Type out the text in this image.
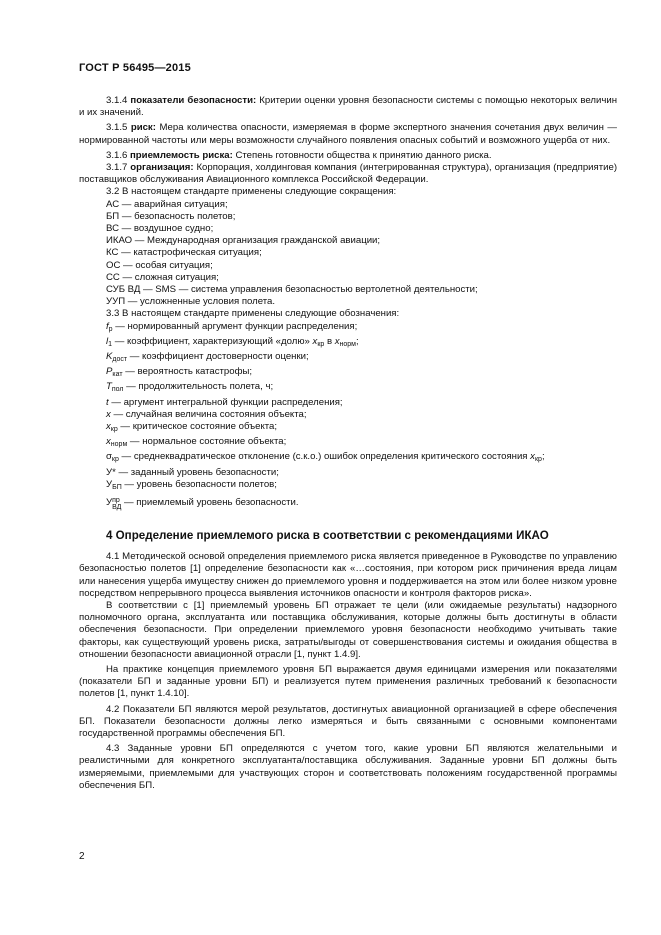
ГОСТ Р 56495—2015

3.1.4 показатели безопасности: Критерии оценки уровня безопасности системы с помощью некоторых величин и их значений.

3.1.5 риск: Мера количества опасности, измеряемая в форме экспертного значения сочетания двух величин — нормированной частоты или меры возможности случайного появления опасных событий и возможного ущерба от них.

3.1.6 приемлемость риска: Степень готовности общества к принятию данного риска.

3.1.7 организация: Корпорация, холдинговая компания (интегрированная структура), организация (предприятие) поставщиков обслуживания Авиационного комплекса Российской Федерации.

3.2 В настоящем стандарте применены следующие сокращения:

АС — аварийная ситуация;

БП — безопасность полетов;

ВС — воздушное судно;

ИКАО — Международная организация гражданской авиации;

КС — катастрофическая ситуация;

ОС — особая ситуация;

СС — сложная ситуация;

СУБ ВД — SMS — система управления безопасностью вертолетной деятельности;

УУП — усложненные условия полета.

3.3 В настоящем стандарте применены следующие обозначения:

$f_р$ — нормированный аргумент функции распределения;

$l_1$ — коэффициент, характеризующий «долю» $x_{кр}$ в $x_{норм}$;

$K_{дост}$ — коэффициент достоверности оценки;

$P_{кат}$ — вероятность катастрофы;

$T_{пол}$ — продолжительность полета, ч;

t — аргумент интегральной функции распределения;

x — случайная величина состояния объекта;

$x_{кр}$ — критическое состояние объекта;

$x_{норм}$ — нормальное состояние объекта;

$\sigma_{кр}$ — среднеквадратическое отклонение (с.к.о.) ошибок определения критического состояния $x_{кр}$;

У* — заданный уровень безопасности;

$У_{БП}$ — уровень безопасности полетов;

Упр
ВД — приемлемый уровень безопасности.

4 Определение приемлемого риска в соответствии с рекомендациями ИКАО

4.1 Методической основой определения приемлемого риска является приведенное в Руководстве по управлению безопасностью полетов [1] определение безопасности как «…состояния, при котором риск причинения вреда лицам или нанесения ущерба имуществу снижен до приемлемого уровня и поддерживается на этом или более низком уровне посредством непрерывного процесса выявления источников опасности и контроля факторов риска».

В соответствии с [1] приемлемый уровень БП отражает те цели (или ожидаемые результаты) надзорного полномочного органа, эксплуатанта или поставщика обслуживания, которые должны быть достигнуты в области обеспечения безопасности. При определении приемлемого уровня безопасности необходимо учитывать такие факторы, как существующий уровень риска, затраты/выгоды от совершенствования системы и ожидания общества в отношении безопасности авиационной отрасли [1, пункт 1.4.9].

На практике концепция приемлемого уровня БП выражается двумя единицами измерения или показателями (показатели БП и заданные уровни БП) и реализуется путем применения различных требований к безопасности полетов [1, пункт 1.4.10].

4.2 Показатели БП являются мерой результатов, достигнутых авиационной организацией в сфере обеспечения БП. Показатели безопасности должны легко измеряться и быть связанными с основными компонентами государственной программы обеспечения БП.

4.3 Заданные уровни БП определяются с учетом того, какие уровни БП являются желательными и реалистичными для конкретного эксплуатанта/поставщика обслуживания. Заданные уровни БП должны быть измеряемыми, приемлемыми для участвующих сторон и соответствовать положениям государственной программы обеспечения БП.

2
